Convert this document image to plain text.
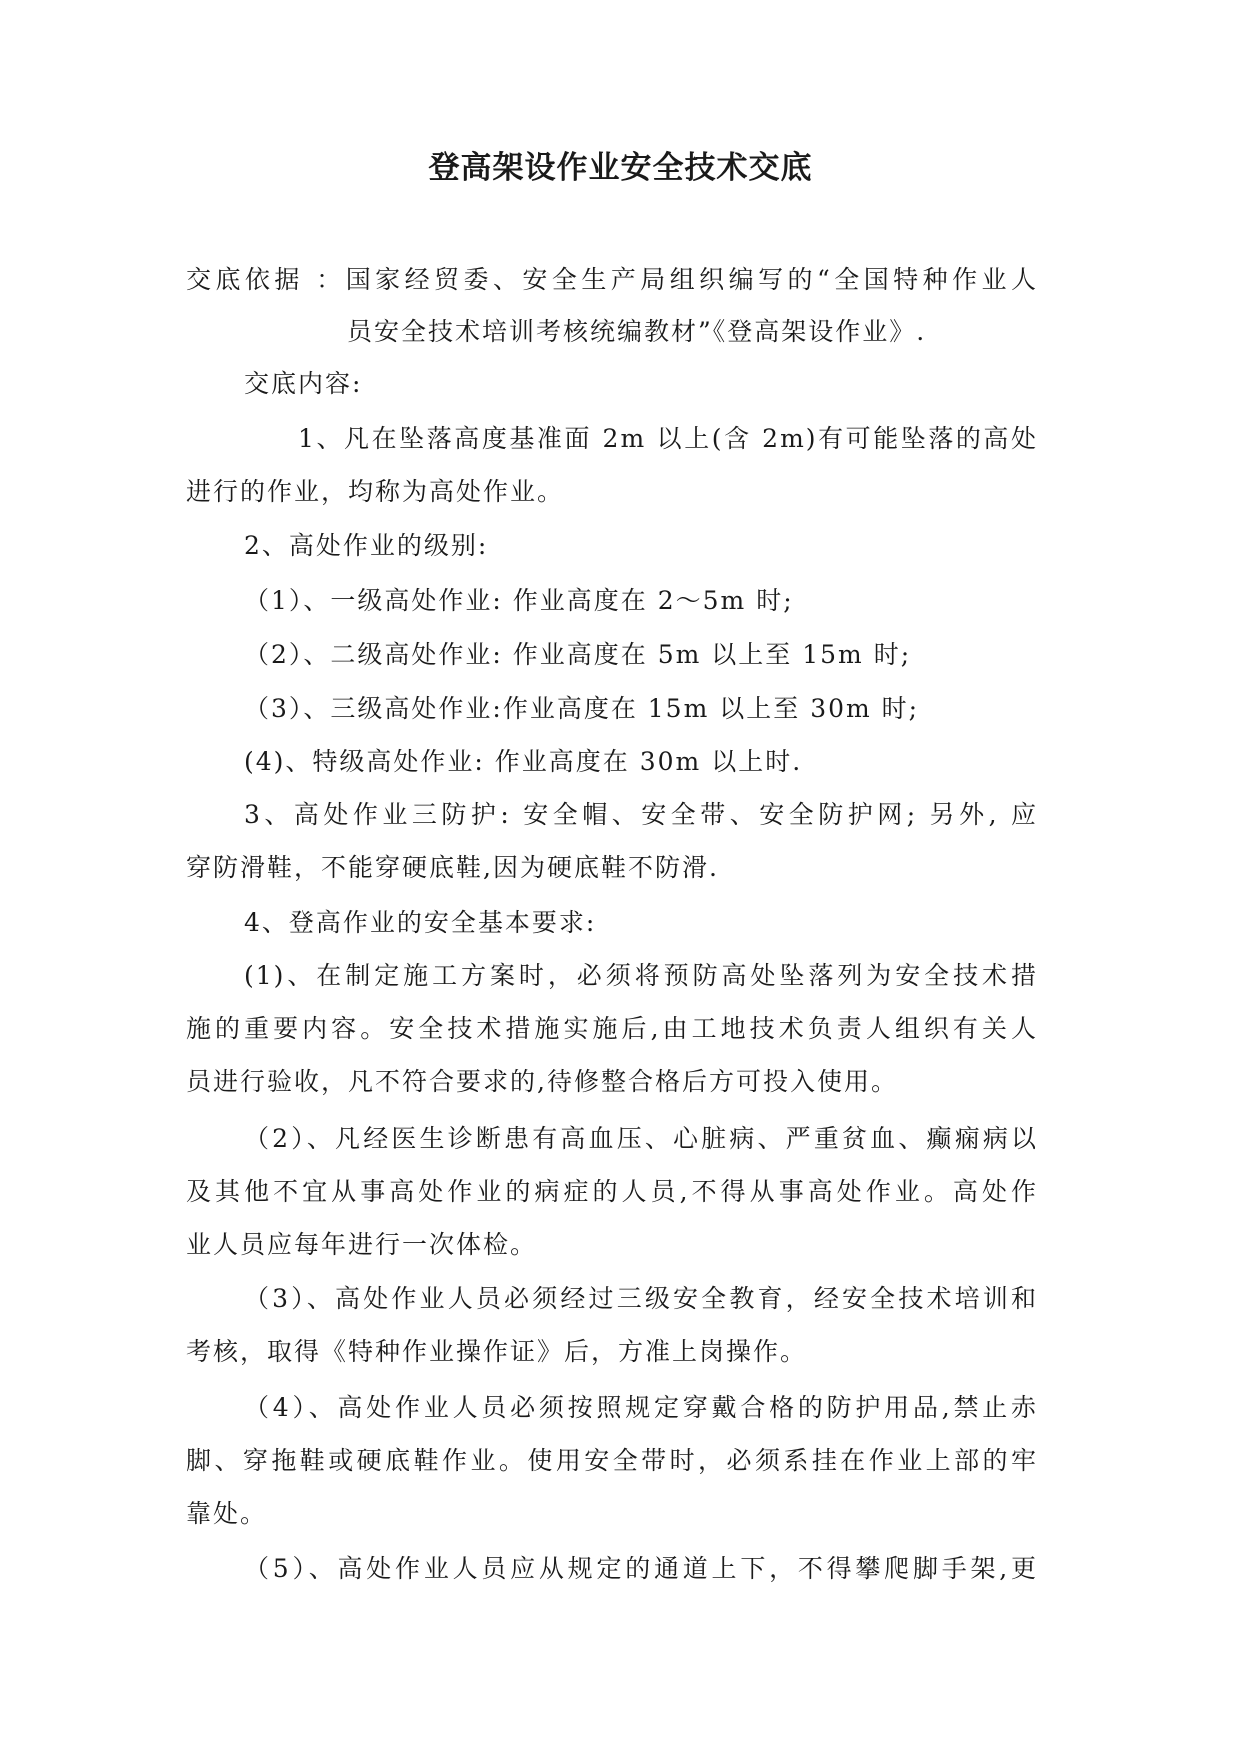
登高架设作业安全技术交底
交底依据 ：国家经贸委、安全生产局组织编写的“全国特种作业人
员安全技术培训考核统编教材”《登高架设作业》.
交底内容:
1、凡在坠落高度基准面 2m 以上(含 2m)有可能坠落的高处
进行的作业，均称为高处作业。
2、高处作业的级别:
（1）、一级高处作业: 作业高度在 2～5m 时;
（2）、二级高处作业: 作业高度在 5m 以上至 15m 时;
（3）、三级高处作业:作业高度在 15m 以上至 30m 时;
(4)、特级高处作业: 作业高度在 30m 以上时.
3、高处作业三防护: 安全帽、安全带、安全防护网; 另外, 应
穿防滑鞋，不能穿硬底鞋,因为硬底鞋不防滑.
4、登高作业的安全基本要求:
(1)、在制定施工方案时，必须将预防高处坠落列为安全技术措
施的重要内容。安全技术措施实施后,由工地技术负责人组织有关人
员进行验收，凡不符合要求的,待修整合格后方可投入使用。
（2）、凡经医生诊断患有高血压、心脏病、严重贫血、癫痫病以
及其他不宜从事高处作业的病症的人员,不得从事高处作业。高处作
业人员应每年进行一次体检。
（3）、高处作业人员必须经过三级安全教育，经安全技术培训和
考核，取得《特种作业操作证》后，方准上岗操作。
（4）、高处作业人员必须按照规定穿戴合格的防护用品,禁止赤
脚、穿拖鞋或硬底鞋作业。使用安全带时，必须系挂在作业上部的牢
靠处。
（5）、高处作业人员应从规定的通道上下，不得攀爬脚手架,更
